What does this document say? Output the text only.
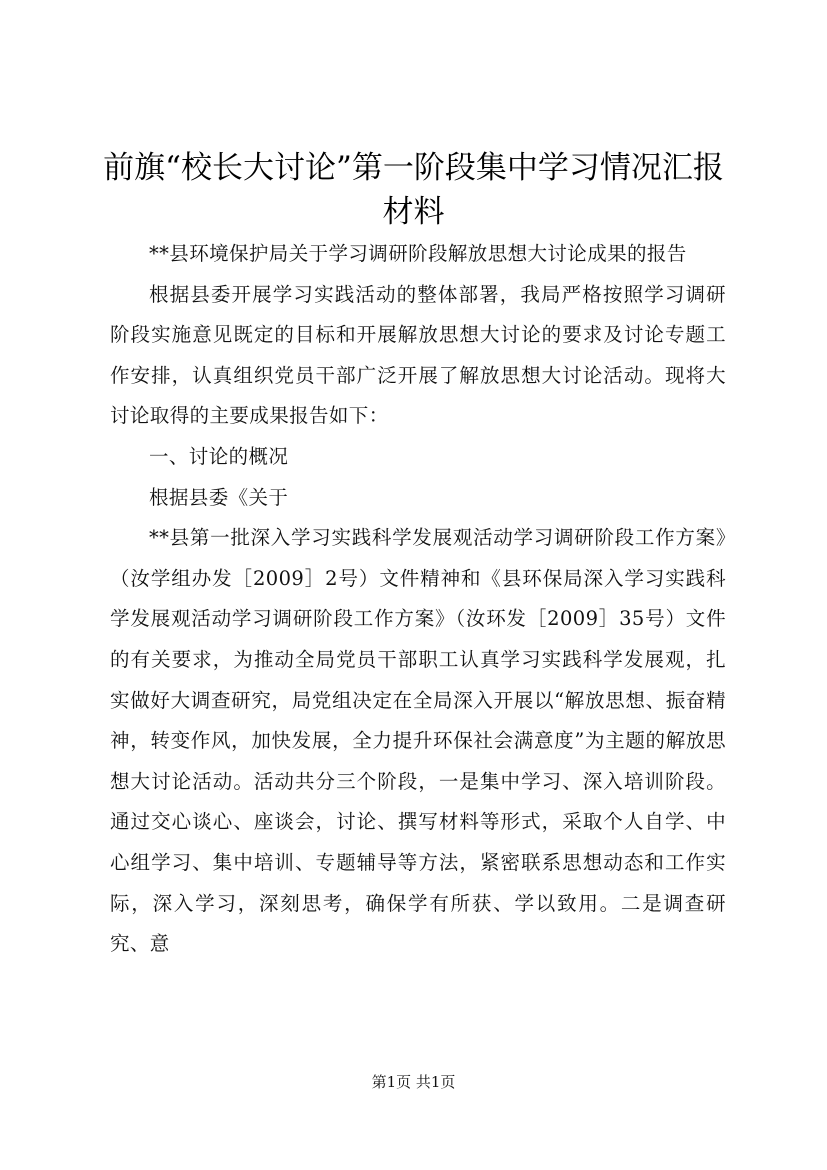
前旗“校长大讨论”第一阶段集中学习情况汇报材料

**县环境保护局关于学习调研阶段解放思想大讨论成果的报告

根据县委开展学习实践活动的整体部署，我局严格按照学习调研阶段实施意见既定的目标和开展解放思想大讨论的要求及讨论专题工作安排，认真组织党员干部广泛开展了解放思想大讨论活动。现将大讨论取得的主要成果报告如下：

一、讨论的概况

根据县委《关于

**县第一批深入学习实践科学发展观活动学习调研阶段工作方案》（汝学组办发［2009］2号）文件精神和《县环保局深入学习实践科学发展观活动学习调研阶段工作方案》（汝环发［2009］35号）文件的有关要求，为推动全局党员干部职工认真学习实践科学发展观，扎实做好大调查研究，局党组决定在全局深入开展以“解放思想、振奋精神，转变作风，加快发展，全力提升环保社会满意度”为主题的解放思想大讨论活动。活动共分三个阶段，一是集中学习、深入培训阶段。通过交心谈心、座谈会，讨论、撰写材料等形式，采取个人自学、中心组学习、集中培训、专题辅导等方法，紧密联系思想动态和工作实际，深入学习，深刻思考，确保学有所获、学以致用。二是调查研究、意

第1页 共1页
